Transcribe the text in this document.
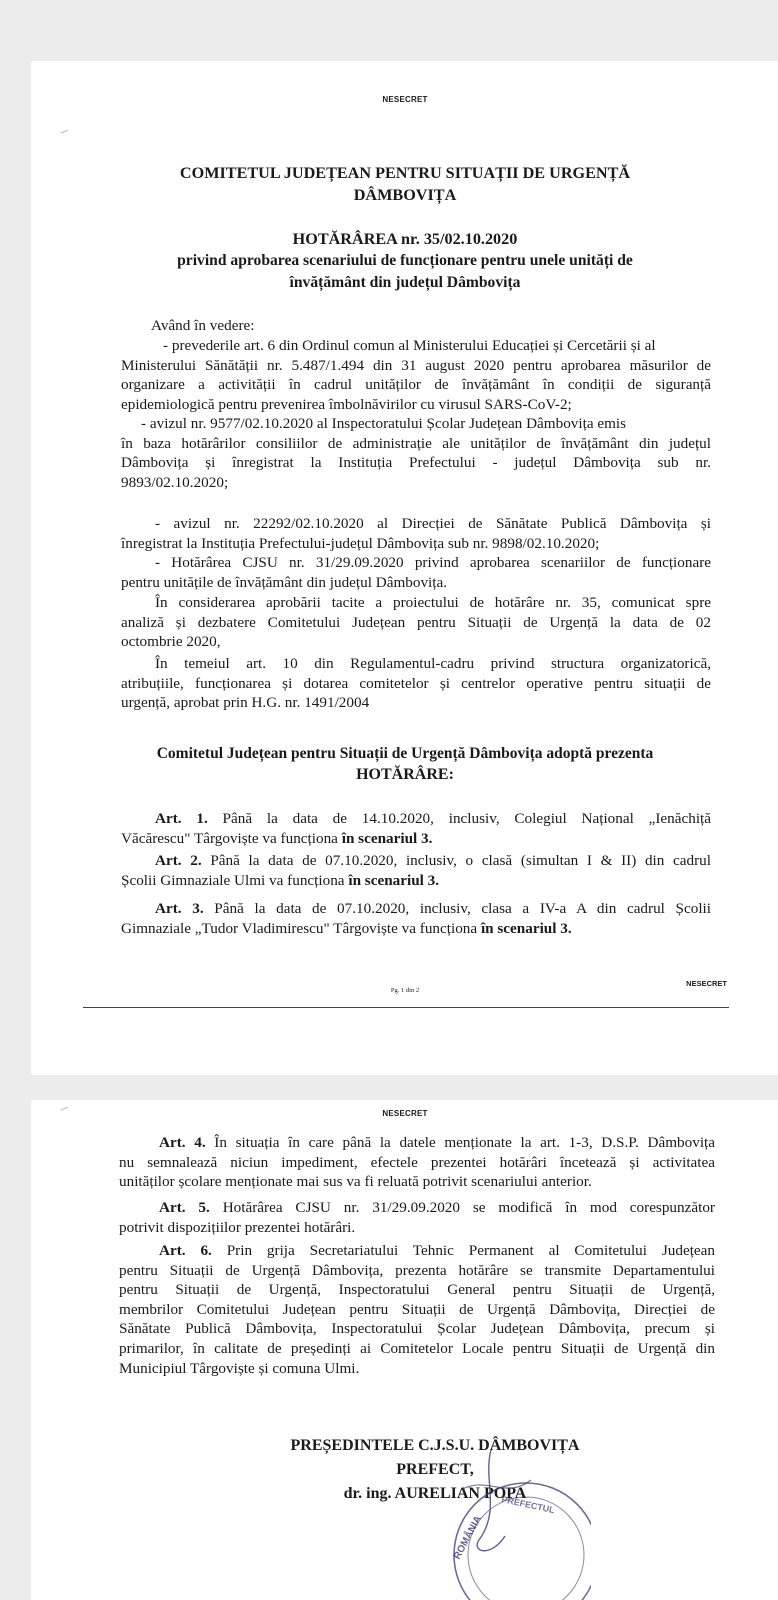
NESECRET
COMITETUL JUDEȚEAN PENTRU SITUAȚII DE URGENȚĂ
DÂMBOVIȚA
HOTĂRÂREA nr. 35/02.10.2020
privind aprobarea scenariului de funcționare pentru unele unități de
învățământ din județul Dâmbovița
Având în vedere:
- prevederile art. 6 din Ordinul comun al Ministerului Educației și Cercetării și al
Ministerului Sănătății nr. 5.487/1.494 din 31 august 2020 pentru aprobarea măsurilor de
organizare a activității în cadrul unităților de învățământ în condiții de siguranță
epidemiologică pentru prevenirea îmbolnăvirilor cu virusul SARS-CoV-2;
- avizul nr. 9577/02.10.2020 al Inspectoratului Școlar Județean Dâmbovița emis
în baza hotărârilor consiliilor de administrație ale unităților de învățământ din județul
Dâmbovița și înregistrat la Instituția Prefectului - județul Dâmbovița sub nr.
9893/02.10.2020;
- avizul nr. 22292/02.10.2020 al Direcției de Sănătate Publică Dâmbovița și
înregistrat la Instituția Prefectului-județul Dâmbovița sub nr. 9898/02.10.2020;
- Hotărârea CJSU nr. 31/29.09.2020 privind aprobarea scenariilor de funcționare
pentru unitățile de învățământ din județul Dâmbovița.
În considerarea aprobării tacite a proiectului de hotărâre nr. 35, comunicat spre
analiză și dezbatere Comitetului Județean pentru Situații de Urgență la data de 02
octombrie 2020,
În temeiul art. 10 din Regulamentul-cadru privind structura organizatorică,
atribuțiile, funcționarea și dotarea comitetelor și centrelor operative pentru situații de
urgență, aprobat prin H.G. nr. 1491/2004
Comitetul Județean pentru Situații de Urgență Dâmbovița adoptă prezenta
HOTĂRÂRE:
Art. 1. Până la data de 14.10.2020, inclusiv, Colegiul Național „Ienăchiță
Văcărescu" Târgoviște va funcționa în scenariul 3.
Art. 2. Până la data de 07.10.2020, inclusiv, o clasă (simultan I & II) din cadrul
Școlii Gimnaziale Ulmi va funcționa în scenariul 3.
Art. 3. Până la data de 07.10.2020, inclusiv, clasa a IV-a A din cadrul Școlii
Gimnaziale „Tudor Vladimirescu" Târgoviște va funcționa în scenariul 3.
NESECRET
Pg. 1 din 2
NESECRET
Art. 4. În situația în care până la datele menționate la art. 1-3, D.S.P. Dâmbovița
nu semnalează niciun impediment, efectele prezentei hotărâri încetează și activitatea
unităților școlare menționate mai sus va fi reluată potrivit scenariului anterior.
Art. 5. Hotărârea CJSU nr. 31/29.09.2020 se modifică în mod corespunzător
potrivit dispozițiilor prezentei hotărâri.
Art. 6. Prin grija Secretariatului Tehnic Permanent al Comitetului Județean
pentru Situații de Urgență Dâmbovița, prezenta hotărâre se transmite Departamentului
pentru Situații de Urgență, Inspectoratului General pentru Situații de Urgență,
membrilor Comitetului Județean pentru Situații de Urgență Dâmbovița, Direcției de
Sănătate Publică Dâmbovița, Inspectoratului Școlar Județean Dâmbovița, precum și
primarilor, în calitate de președinți ai Comitetelor Locale pentru Situații de Urgență din
Municipiul Târgoviște și comuna Ulmi.
PREȘEDINTELE C.J.S.U. DÂMBOVIȚA
PREFECT,
dr. ing. AURELIAN POPA
ROMÂNIA
PREFECTUL
